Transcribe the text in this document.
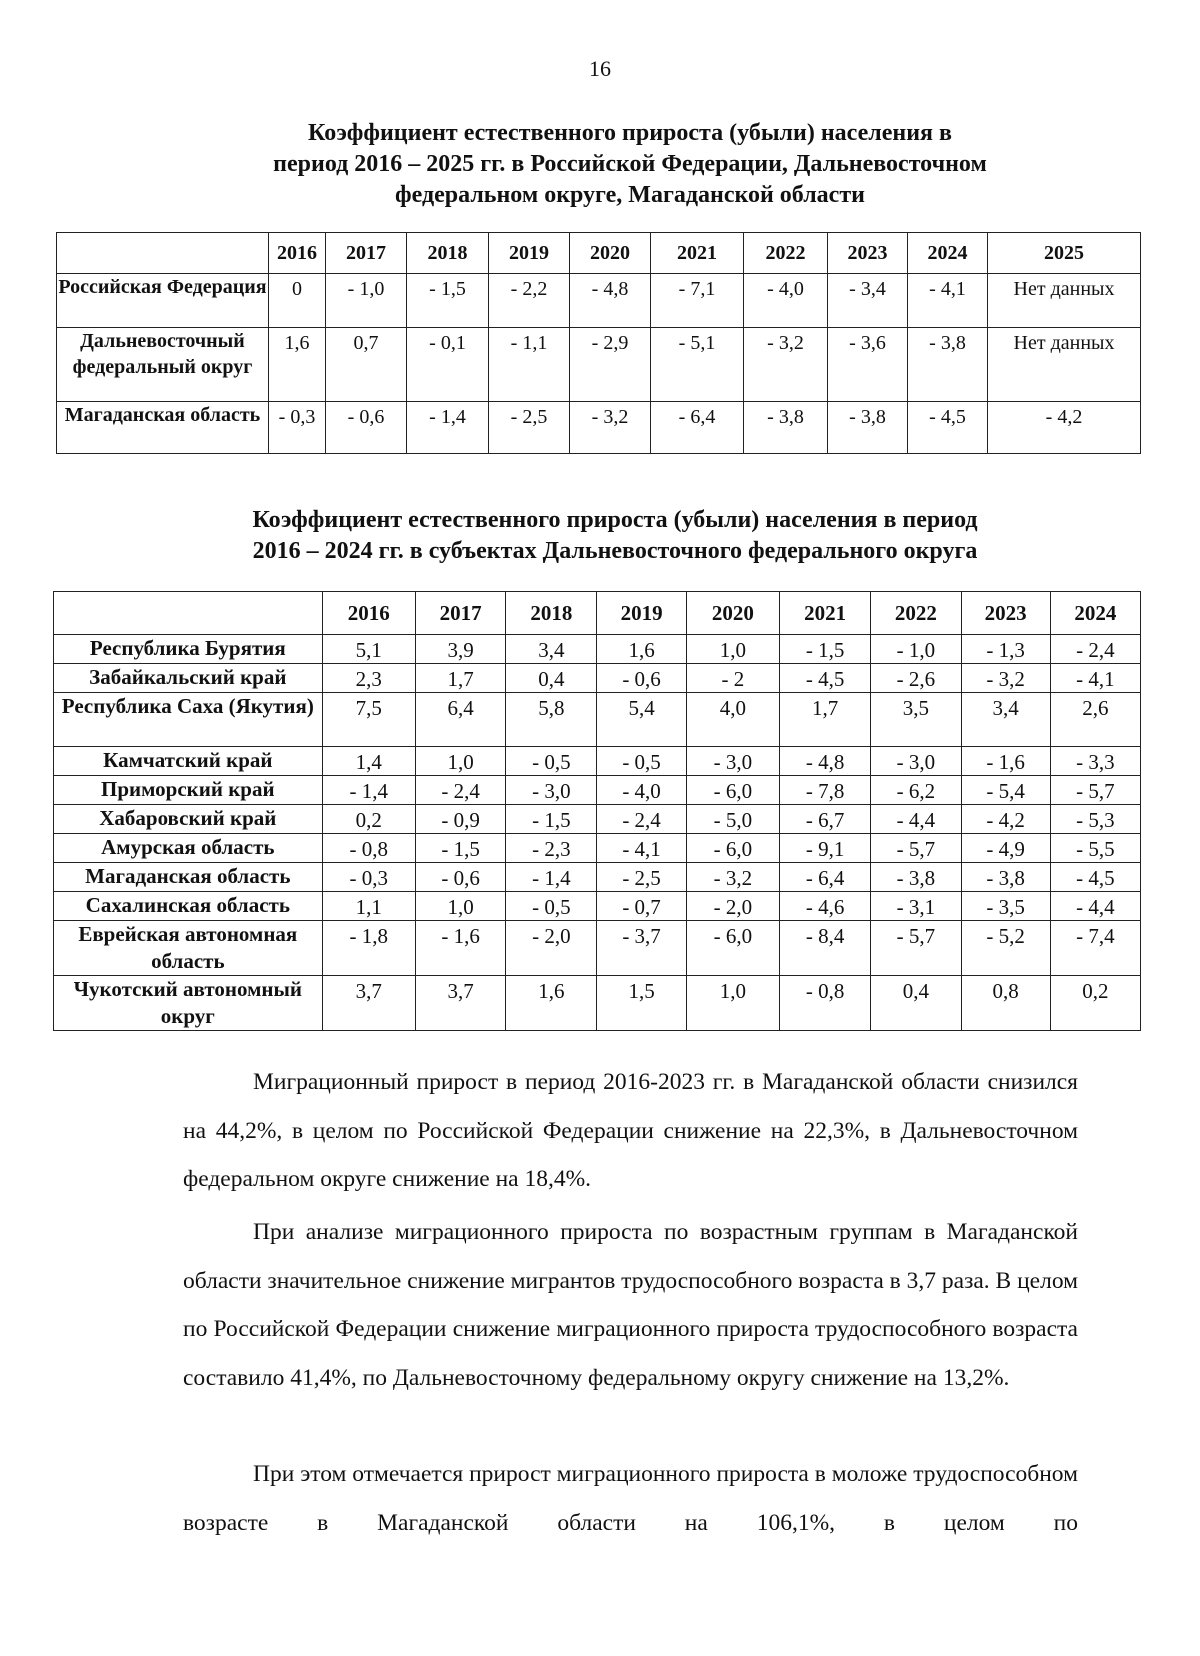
16
Коэффициент естественного прироста (убыли) населения в
период 2016 – 2025 гг. в Российской Федерации, Дальневосточном
федеральном округе, Магаданской области
	2016	2017	2018	2019	2020	2021	2022	2023	2024	2025
Российская Федерация	0	- 1,0	- 1,5	- 2,2	- 4,8	- 7,1	- 4,0	- 3,4	- 4,1	Нет данных
Дальневосточный федеральный округ	1,6	0,7	- 0,1	- 1,1	- 2,9	- 5,1	- 3,2	- 3,6	- 3,8	Нет данных
Магаданская область	- 0,3	- 0,6	- 1,4	- 2,5	- 3,2	- 6,4	- 3,8	- 3,8	- 4,5	- 4,2
Коэффициент естественного прироста (убыли) населения в период
2016 – 2024 гг. в субъектах Дальневосточного федерального округа
	2016	2017	2018	2019	2020	2021	2022	2023	2024
Республика Бурятия	5,1	3,9	3,4	1,6	1,0	- 1,5	- 1,0	- 1,3	- 2,4
Забайкальский край	2,3	1,7	0,4	- 0,6	- 2	- 4,5	- 2,6	- 3,2	- 4,1
Республика Саха (Якутия)	7,5	6,4	5,8	5,4	4,0	1,7	3,5	3,4	2,6
Камчатский край	1,4	1,0	- 0,5	- 0,5	- 3,0	- 4,8	- 3,0	- 1,6	- 3,3
Приморский край	- 1,4	- 2,4	- 3,0	- 4,0	- 6,0	- 7,8	- 6,2	- 5,4	- 5,7
Хабаровский край	0,2	- 0,9	- 1,5	- 2,4	- 5,0	- 6,7	- 4,4	- 4,2	- 5,3
Амурская область	- 0,8	- 1,5	- 2,3	- 4,1	- 6,0	- 9,1	- 5,7	- 4,9	- 5,5
Магаданская область	- 0,3	- 0,6	- 1,4	- 2,5	- 3,2	- 6,4	- 3,8	- 3,8	- 4,5
Сахалинская область	1,1	1,0	- 0,5	- 0,7	- 2,0	- 4,6	- 3,1	- 3,5	- 4,4
Еврейская автономная область	- 1,8	- 1,6	- 2,0	- 3,7	- 6,0	- 8,4	- 5,7	- 5,2	- 7,4
Чукотский автономный округ	3,7	3,7	1,6	1,5	1,0	- 0,8	0,4	0,8	0,2
Миграционный прирост в период 2016-2023 гг. в Магаданской области снизился на 44,2%, в целом по Российской Федерации снижение на 22,3%, в Дальневосточном федеральном округе снижение на 18,4%.
При анализе миграционного прироста по возрастным группам в Магаданской области значительное снижение мигрантов трудоспособного возраста в 3,7 раза. В целом по Российской Федерации снижение миграционного прироста трудоспособного возраста составило 41,4%, по Дальневосточному федеральному округу снижение на 13,2%.
При этом отмечается прирост миграционного прироста в моложе трудоспособном возрасте в Магаданской области на 106,1%, в целом по
